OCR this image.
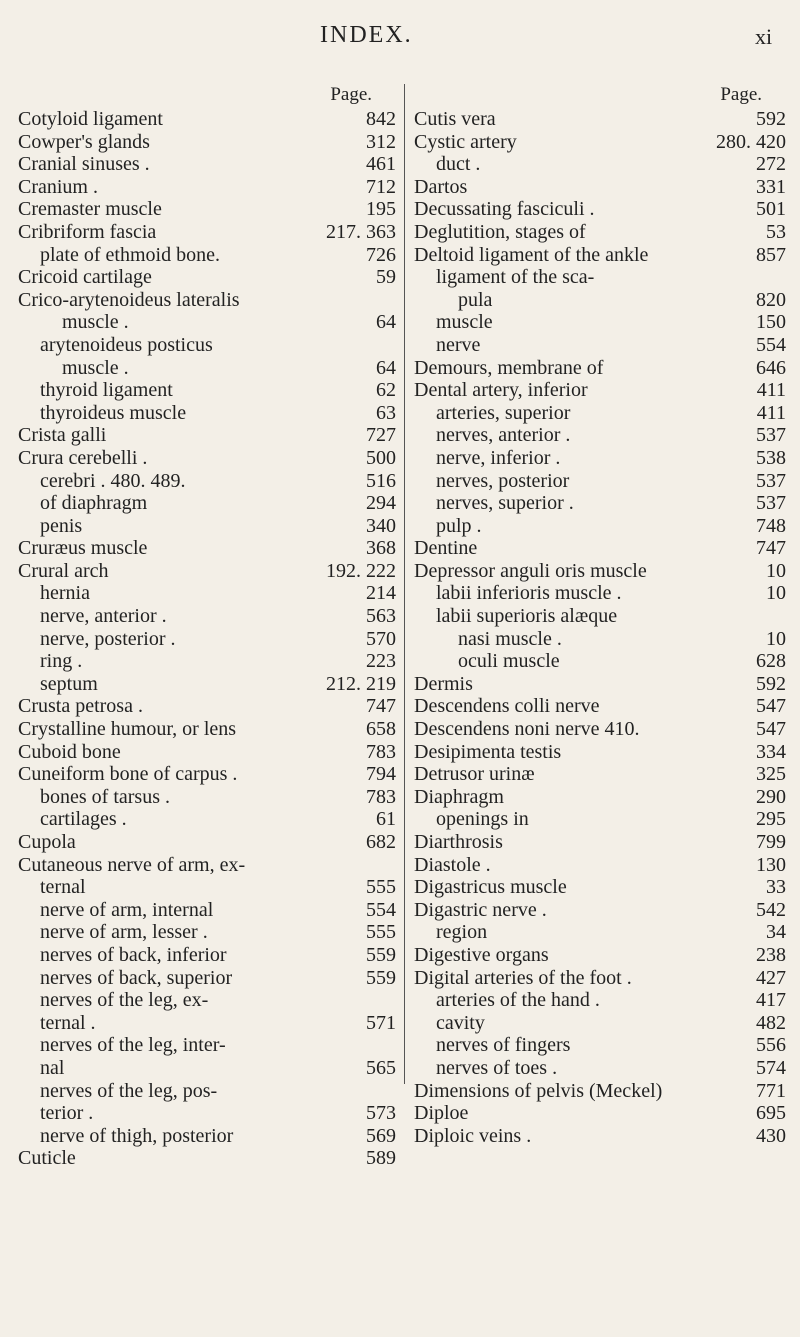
INDEX.	xi
Page.
Cotyloid ligament	842
Cowper's glands	312
Cranial sinuses .	461
Cranium .	712
Cremaster muscle	195
Cribriform fascia	217. 363
plate of ethmoid bone.	726
Cricoid cartilage	59
Crico-arytenoideus lateralis
muscle .	64
arytenoideus posticus
muscle .	64
thyroid ligament	62
thyroideus muscle	63
Crista galli	727
Crura cerebelli .	500
cerebri . 480. 489.	516
of diaphragm	294
penis	340
Cruræus muscle	368
Crural arch	192. 222
hernia	214
nerve, anterior .	563
nerve, posterior .	570
ring .	223
septum	212. 219
Crusta petrosa .	747
Crystalline humour, or lens	658
Cuboid bone	783
Cuneiform bone of carpus .	794
bones of tarsus .	783
cartilages .	61
Cupola	682
Cutaneous nerve of arm, ex-
ternal	555
nerve of arm, internal	554
nerve of arm, lesser .	555
nerves of back, inferior	559
nerves of back, superior	559
nerves of the leg, ex-
ternal .	571
nerves of the leg, inter-
nal	565
nerves of the leg, pos-
terior .	573
nerve of thigh, posterior	569
Cuticle	589
Page.
Cutis vera	592
Cystic artery	280. 420
duct .	272
Dartos	331
Decussating fasciculi .	501
Deglutition, stages of	53
Deltoid ligament of the ankle	857
ligament of the sca-
pula	820
muscle	150
nerve	554
Demours, membrane of	646
Dental artery, inferior	411
arteries, superior	411
nerves, anterior .	537
nerve, inferior .	538
nerves, posterior	537
nerves, superior .	537
pulp .	748
Dentine	747
Depressor anguli oris muscle	10
labii inferioris muscle .	10
labii superioris alæque
nasi muscle .	10
oculi muscle	628
Dermis	592
Descendens colli nerve	547
Descendens noni nerve 410.	547
Desipimenta testis	334
Detrusor urinæ	325
Diaphragm	290
openings in	295
Diarthrosis	799
Diastole .	130
Digastricus muscle	33
Digastric nerve .	542
region	34
Digestive organs	238
Digital arteries of the foot .	427
arteries of the hand .	417
cavity	482
nerves of fingers	556
nerves of toes .	574
Dimensions of pelvis (Meckel)	771
Diploe	695
Diploic veins .	430
